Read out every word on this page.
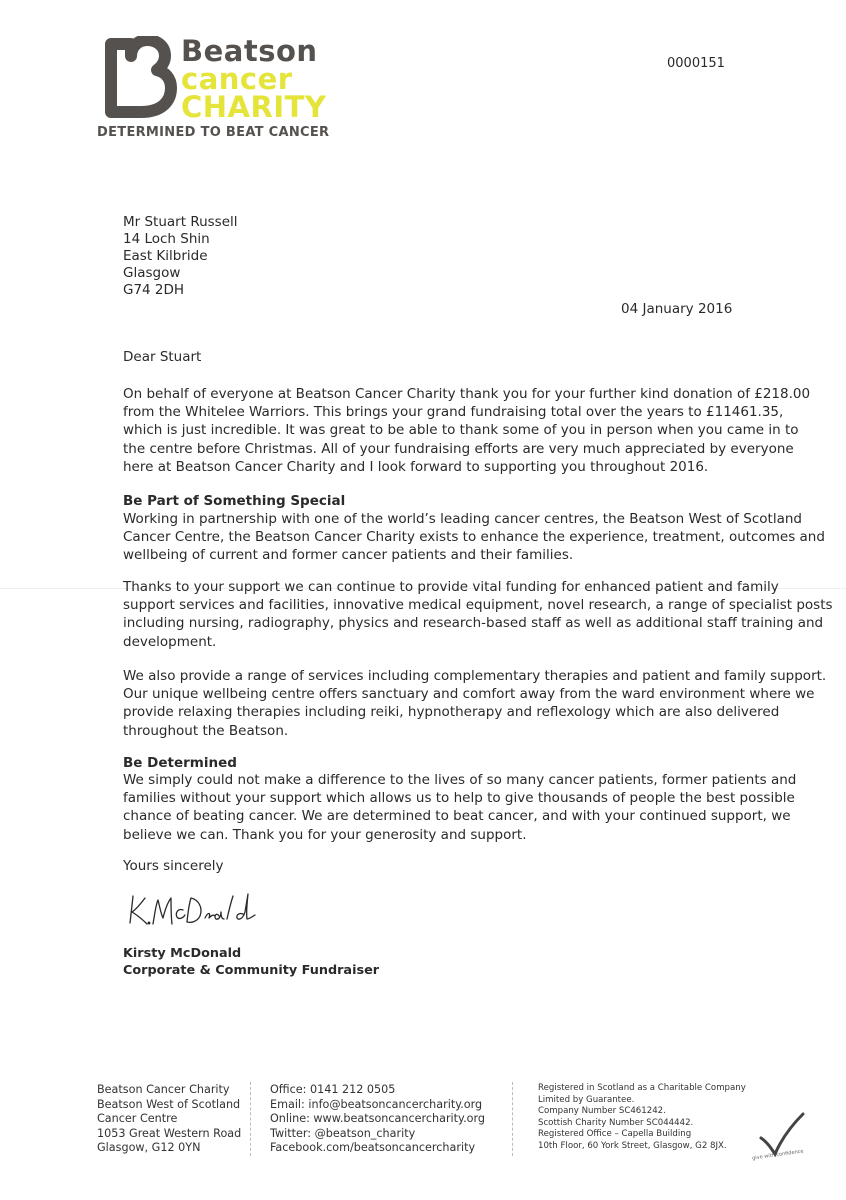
Beatson
cancer
CHARITY
DETERMINED TO BEAT CANCER
0000151
Mr Stuart Russell
14 Loch Shin
East Kilbride
Glasgow
G74 2DH
04 January 2016
Dear Stuart
On behalf of everyone at Beatson Cancer Charity thank you for your further kind donation of £218.00
from the Whitelee Warriors. This brings your grand fundraising total over the years to £11461.35,
which is just incredible. It was great to be able to thank some of you in person when you came in to
the centre before Christmas. All of your fundraising efforts are very much appreciated by everyone
here at Beatson Cancer Charity and I look forward to supporting you throughout 2016.
Be Part of Something Special
Working in partnership with one of the world’s leading cancer centres, the Beatson West of Scotland
Cancer Centre, the Beatson Cancer Charity exists to enhance the experience, treatment, outcomes and
wellbeing of current and former cancer patients and their families.
Thanks to your support we can continue to provide vital funding for enhanced patient and family
support services and facilities, innovative medical equipment, novel research, a range of specialist posts
including nursing, radiography, physics and research-based staff as well as additional staff training and
development.
We also provide a range of services including complementary therapies and patient and family support.
Our unique wellbeing centre offers sanctuary and comfort away from the ward environment where we
provide relaxing therapies including reiki, hypnotherapy and reflexology which are also delivered
throughout the Beatson.
Be Determined
We simply could not make a difference to the lives of so many cancer patients, former patients and
families without your support which allows us to help to give thousands of people the best possible
chance of beating cancer. We are determined to beat cancer, and with your continued support, we
believe we can. Thank you for your generosity and support.
Yours sincerely
Kirsty McDonald
Corporate & Community Fundraiser
Beatson Cancer Charity
Beatson West of Scotland
Cancer Centre
1053 Great Western Road
Glasgow, G12 0YN
Office: 0141 212 0505
Email: info@beatsoncancercharity.org
Online: www.beatsoncancercharity.org
Twitter: @beatson_charity
Facebook.com/beatsoncancercharity
Registered in Scotland as a Charitable Company
Limited by Guarantee.
Company Number SC461242.
Scottish Charity Number SC044442.
Registered Office – Capella Building
10th Floor, 60 York Street, Glasgow, G2 8JX.
give with confidence
